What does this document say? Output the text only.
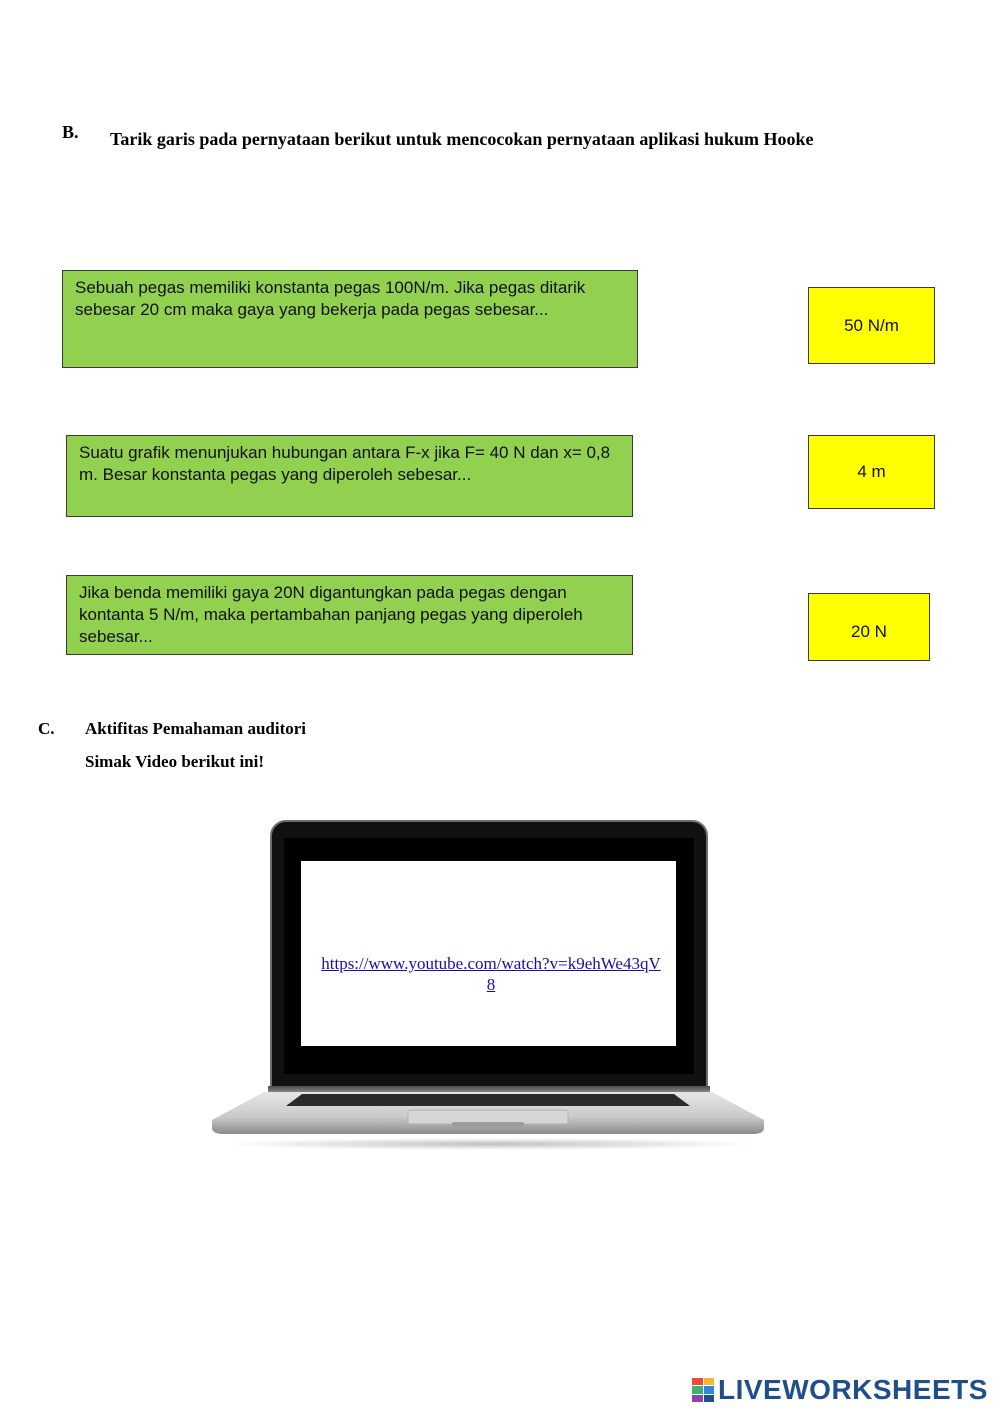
B. Tarik garis pada pernyataan berikut untuk mencocokan pernyataan aplikasi hukum Hooke
Sebuah pegas memiliki konstanta pegas 100N/m. Jika pegas ditarik sebesar 20 cm maka gaya yang bekerja pada pegas sebesar...
Suatu grafik menunjukan hubungan antara F-x jika F= 40 N dan x= 0,8 m. Besar konstanta pegas yang diperoleh sebesar...
Jika benda memiliki gaya 20N digantungkan pada pegas dengan kontanta 5 N/m, maka pertambahan panjang pegas yang diperoleh sebesar...
50 N/m
4 m
20 N
C. Aktifitas Pemahaman auditori
Simak Video berikut ini!
https://www.youtube.com/watch?v=k9ehWe43qV8
LIVEWORKSHEETS
